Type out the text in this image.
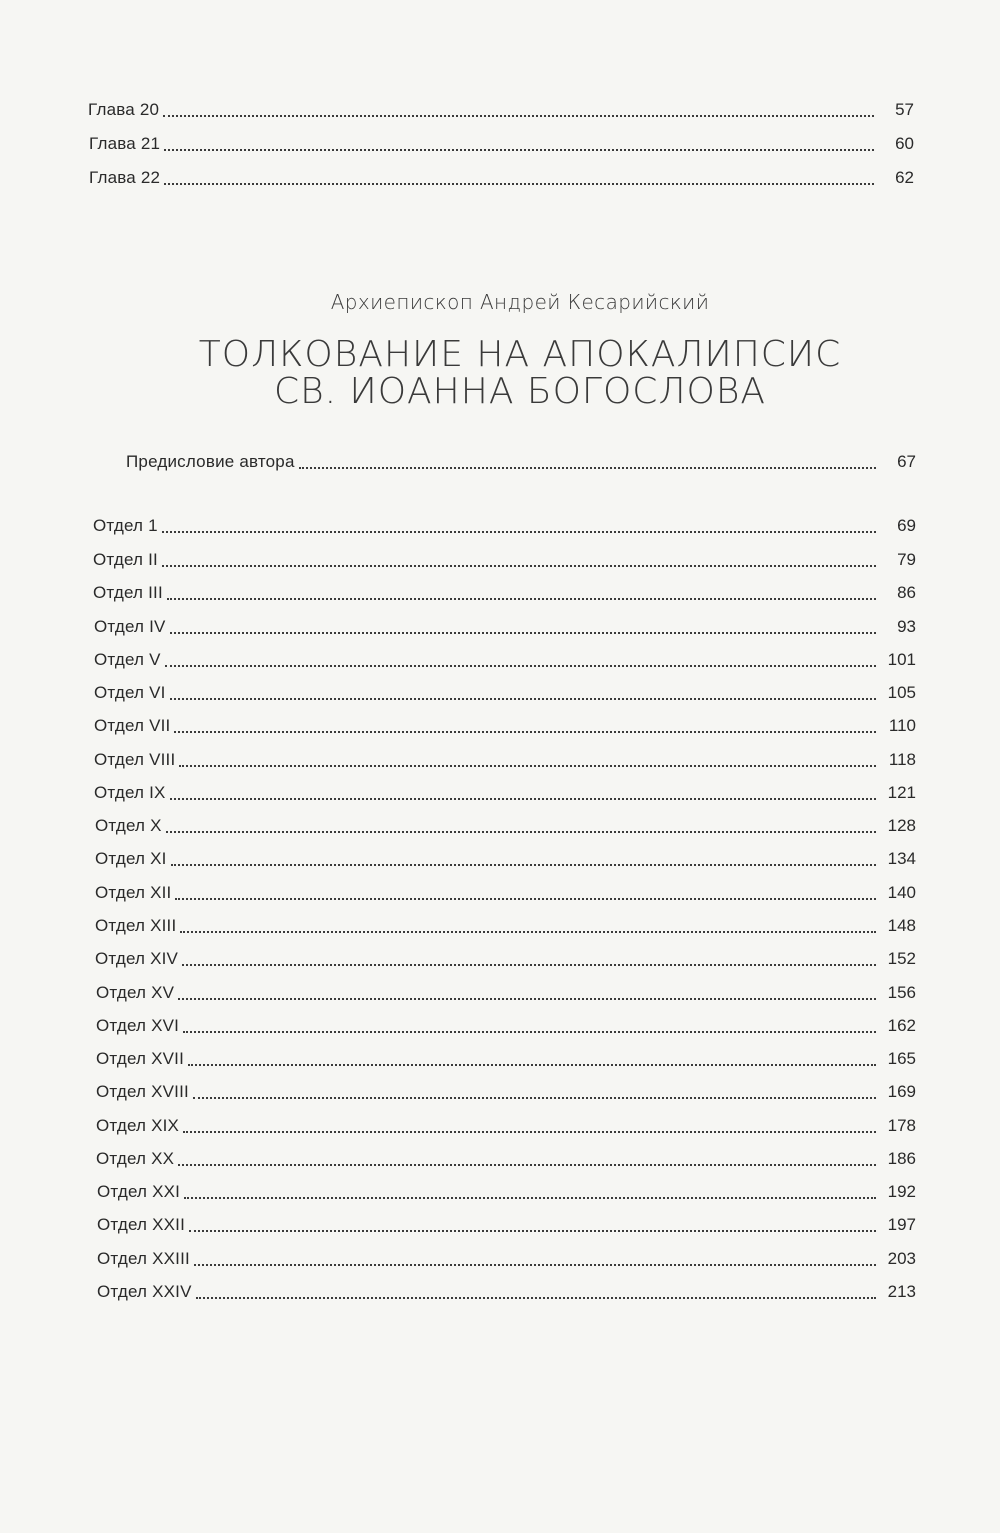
Глава 20	57
Глава 21	60
Глава 22	62
Архиепископ Андрей Кесарийский
ТОЛКОВАНИЕ НА АПОКАЛИПСИС
СВ. ИОАННА БОГОСЛОВА
Предисловие автора	67
Отдел 1	69
Отдел II	79
Отдел III	86
Отдел IV	93
Отдел V	101
Отдел VI	105
Отдел VII	110
Отдел VIII	118
Отдел IX	121
Отдел X	128
Отдел XI	134
Отдел XII	140
Отдел XIII	148
Отдел XIV	152
Отдел XV	156
Отдел XVI	162
Отдел XVII	165
Отдел XVIII	169
Отдел XIX	178
Отдел XX	186
Отдел XXI	192
Отдел XXII	197
Отдел XXIII	203
Отдел XXIV	213
